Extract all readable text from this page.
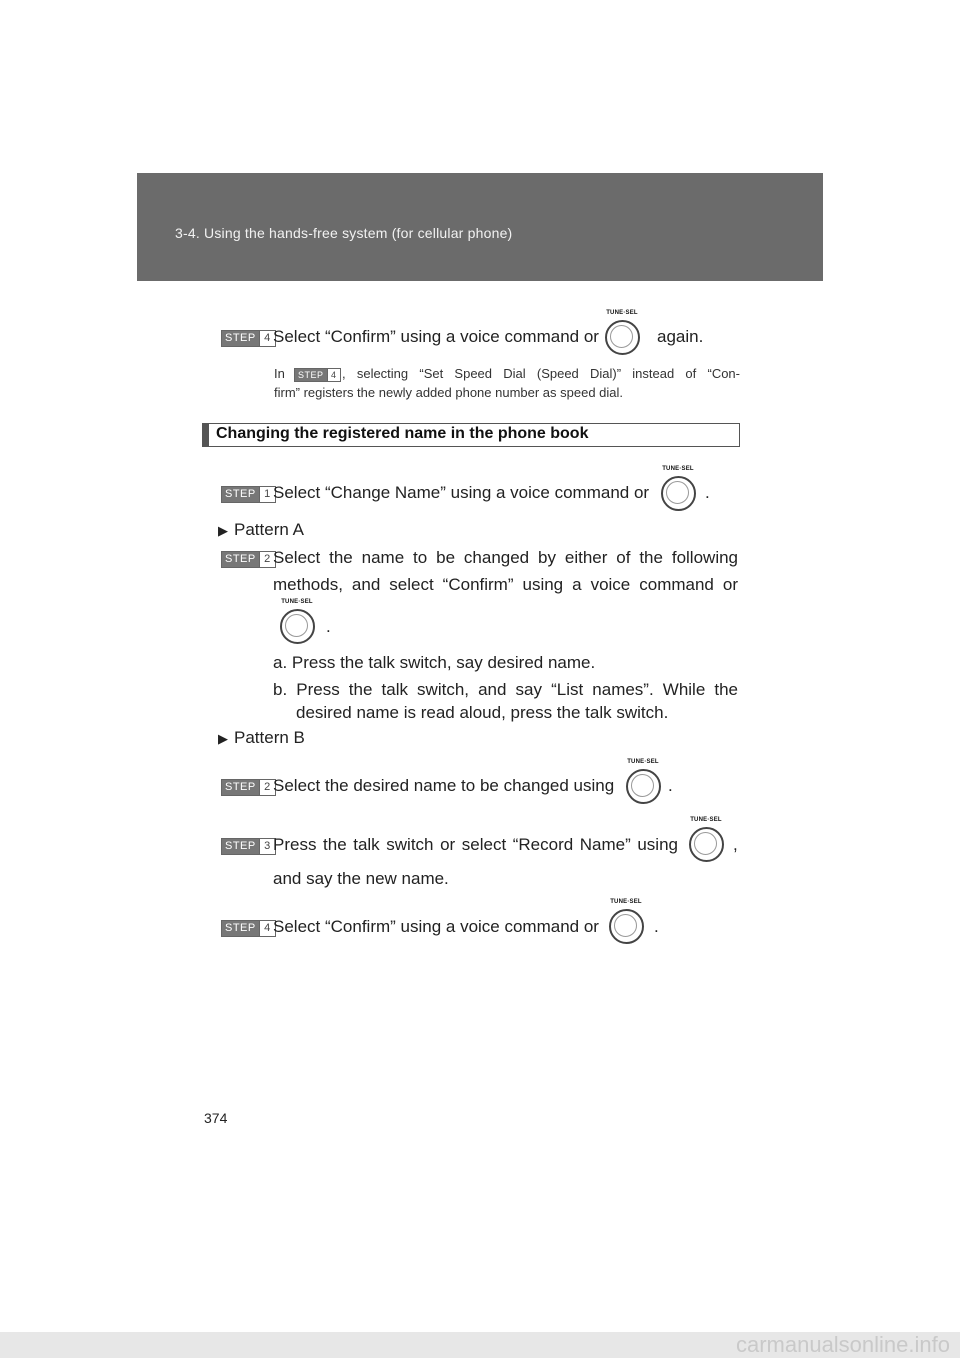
3-4. Using the hands-free system (for cellular phone)
STEP 4 Select “Confirm” using a voice command or
TUNE·SEL
again.
In	STEP 4 , selecting “Set Speed Dial (Speed Dial)” instead of “Con-
firm” registers the newly added phone number as speed dial.
Changing the registered name in the phone book
STEP 1 Select “Change Name” using a voice command or
TUNE·SEL
.
▶ Pattern A
STEP 2 Select the name to be changed by either of the following
methods, and select “Confirm” using a voice command or
TUNE·SEL
.
a. Press the talk switch, say desired name.
b. Press the talk switch, and say “List names”. While the
desired name is read aloud, press the talk switch.
▶ Pattern B
STEP 2 Select the desired name to be changed using
TUNE·SEL
.
STEP 3 Press the talk switch or select “Record Name” using
TUNE·SEL
,
and say the new name.
STEP 4 Select “Confirm” using a voice command or
TUNE·SEL
.
374
carmanualsonline.info
